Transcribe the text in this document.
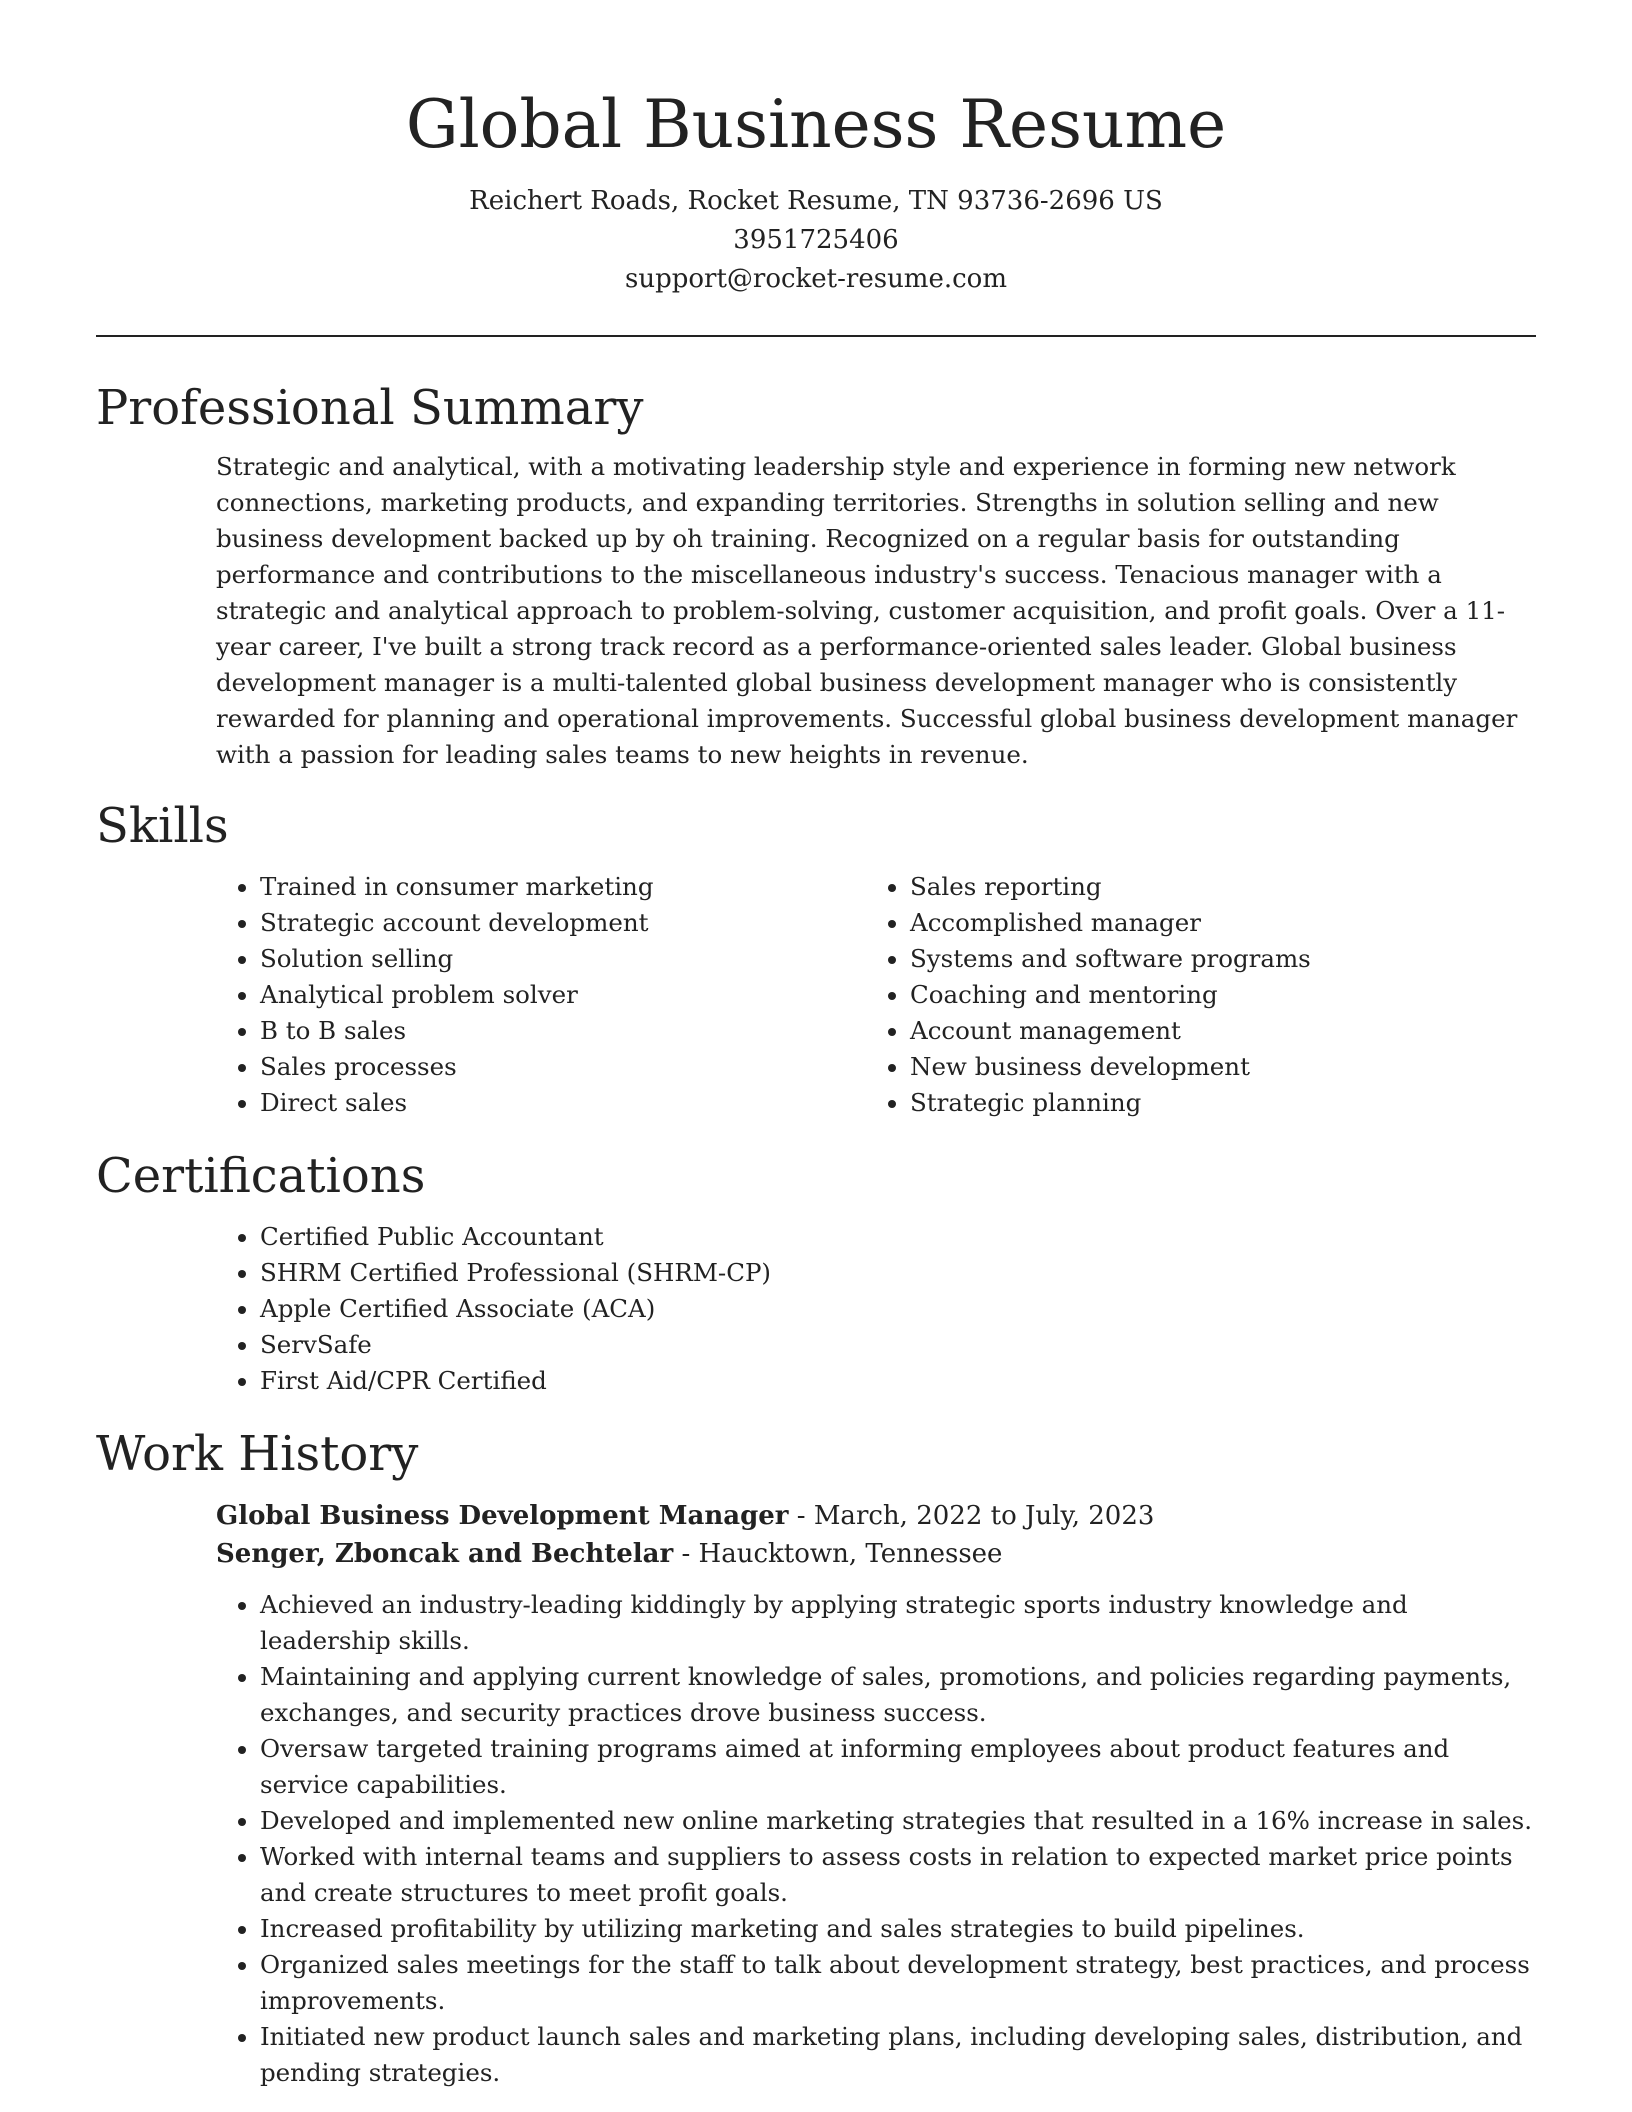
Global Business Resume

Reichert Roads, Rocket Resume, TN 93736-2696 US

3951725406

support@rocket-resume.com

Professional Summary

Strategic and analytical, with a motivating leadership style and experience in forming new network connections, marketing products, and expanding territories. Strengths in solution selling and new business development backed up by oh training. Recognized on a regular basis for outstanding performance and contributions to the miscellaneous industry's success. Tenacious manager with a strategic and analytical approach to problem-solving, customer acquisition, and profit goals. Over a 11-year career, I've built a strong track record as a performance-oriented sales leader. Global business development manager is a multi-talented global business development manager who is consistently rewarded for planning and operational improvements. Successful global business development manager with a passion for leading sales teams to new heights in revenue.

Skills
• Trained in consumer marketing
• Strategic account development
• Solution selling
• Analytical problem solver
• B to B sales
• Sales processes
• Direct sales
• Sales reporting
• Accomplished manager
• Systems and software programs
• Coaching and mentoring
• Account management
• New business development
• Strategic planning
Certifications
• Certified Public Accountant
• SHRM Certified Professional (SHRM-CP)
• Apple Certified Associate (ACA)
• ServSafe
• First Aid/CPR Certified
Work History
Global Business Development Manager - March, 2022 to July, 2023
Senger, Zboncak and Bechtelar - Haucktown, Tennessee
• Achieved an industry-leading kiddingly by applying strategic sports industry knowledge and leadership skills.
• Maintaining and applying current knowledge of sales, promotions, and policies regarding payments, exchanges, and security practices drove business success.
• Oversaw targeted training programs aimed at informing employees about product features and service capabilities.
• Developed and implemented new online marketing strategies that resulted in a 16% increase in sales.
• Worked with internal teams and suppliers to assess costs in relation to expected market price points and create structures to meet profit goals.
• Increased profitability by utilizing marketing and sales strategies to build pipelines.
• Organized sales meetings for the staff to talk about development strategy, best practices, and process improvements.
• Initiated new product launch sales and marketing plans, including developing sales, distribution, and pending strategies.
